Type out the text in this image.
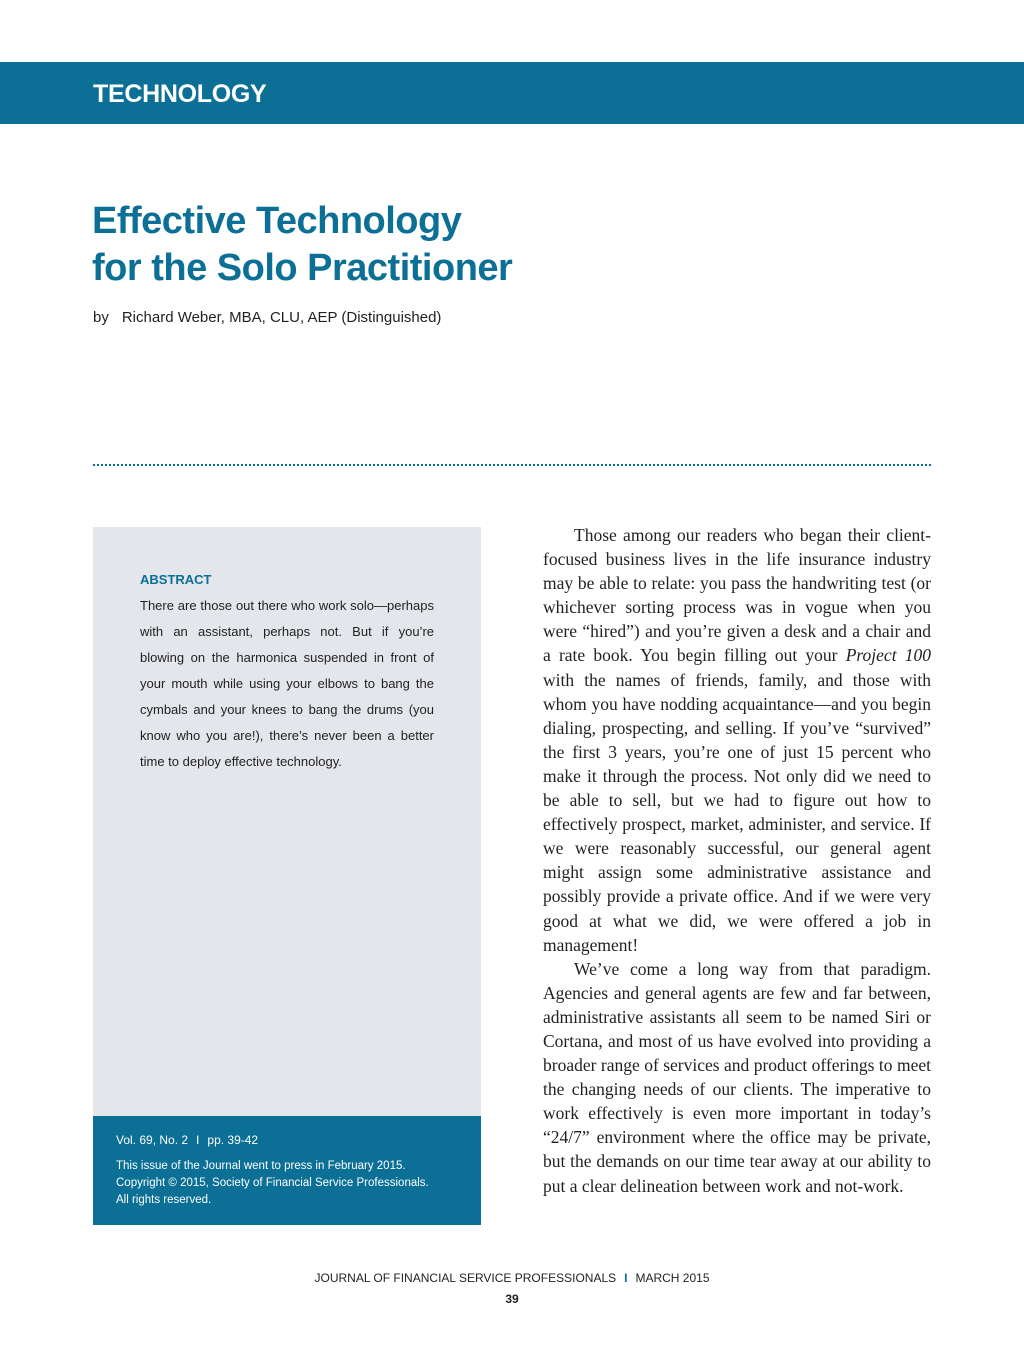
TECHNOLOGY

Effective Technology
for the Solo Practitioner

by Richard Weber, MBA, CLU, AEP (Distinguished)

ABSTRACT

There are those out there who work solo—perhaps with an assistant, perhaps not. But if you’re blowing on the harmonica suspended in front of your mouth while using your elbows to bang the cymbals and your knees to bang the drums (you know who you are!), there’s never been a better time to deploy effective technology.

Vol. 69, No. 2 I pp. 39-42

This issue of the Journal went to press in February 2015.
Copyright © 2015, Society of Financial Service Professionals.
All rights reserved.

Those among our readers who began their client-focused business lives in the life insurance industry may be able to relate: you pass the handwriting test (or whichever sorting process was in vogue when you were “hired”) and you’re given a desk and a chair and a rate book. You begin filling out your Project 100 with the names of friends, family, and those with whom you have nodding acquaintance—and you begin dialing, prospecting, and selling. If you’ve “survived” the first 3 years, you’re one of just 15 percent who make it through the process. Not only did we need to be able to sell, but we had to figure out how to effectively prospect, market, administer, and service. If we were reasonably successful, our general agent might assign some administrative assistance and possibly provide a private office. And if we were very good at what we did, we were offered a job in management!

We’ve come a long way from that paradigm. Agencies and general agents are few and far between, administrative assistants all seem to be named Siri or Cortana, and most of us have evolved into providing a broader range of services and product offerings to meet the changing needs of our clients. The imperative to work effectively is even more important in today’s “24/7” environment where the office may be private, but the demands on our time tear away at our ability to put a clear delineation between work and not-work.

JOURNAL OF FINANCIAL SERVICE PROFESSIONALS I MARCH 2015

39
